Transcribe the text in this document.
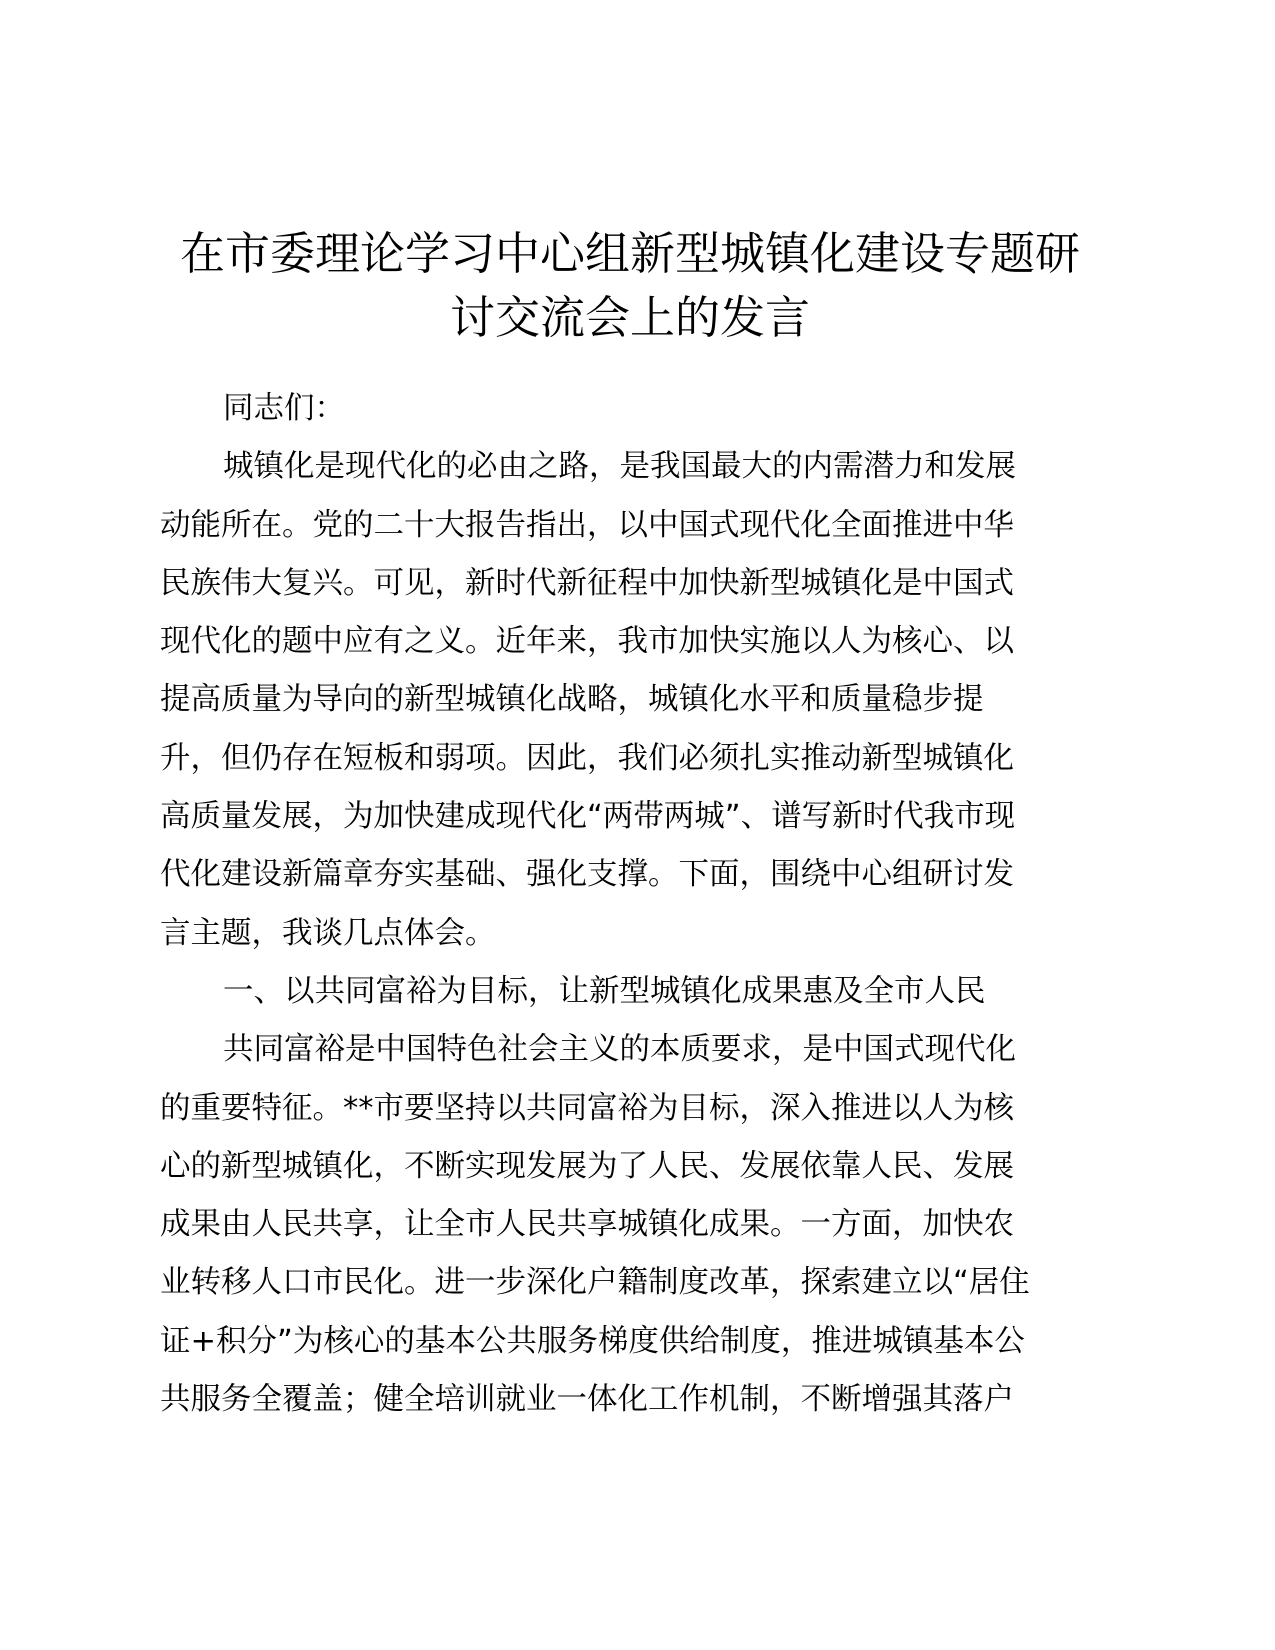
在市委理论学习中心组新型城镇化建设专题研
讨交流会上的发言
同志们：
城镇化是现代化的必由之路，是我国最大的内需潜力和发展
动能所在。党的二十大报告指出，以中国式现代化全面推进中华
民族伟大复兴。可见，新时代新征程中加快新型城镇化是中国式
现代化的题中应有之义。近年来，我市加快实施以人为核心、以
提高质量为导向的新型城镇化战略，城镇化水平和质量稳步提
升，但仍存在短板和弱项。因此，我们必须扎实推动新型城镇化
高质量发展，为加快建成现代化“两带两城”、谱写新时代我市现
代化建设新篇章夯实基础、强化支撑。下面，围绕中心组研讨发
言主题，我谈几点体会。
一、以共同富裕为目标，让新型城镇化成果惠及全市人民
共同富裕是中国特色社会主义的本质要求，是中国式现代化
的重要特征。**市要坚持以共同富裕为目标，深入推进以人为核
心的新型城镇化，不断实现发展为了人民、发展依靠人民、发展
成果由人民共享，让全市人民共享城镇化成果。一方面，加快农
业转移人口市民化。进一步深化户籍制度改革，探索建立以“居住
证+积分”为核心的基本公共服务梯度供给制度，推进城镇基本公
共服务全覆盖；健全培训就业一体化工作机制，不断增强其落户
